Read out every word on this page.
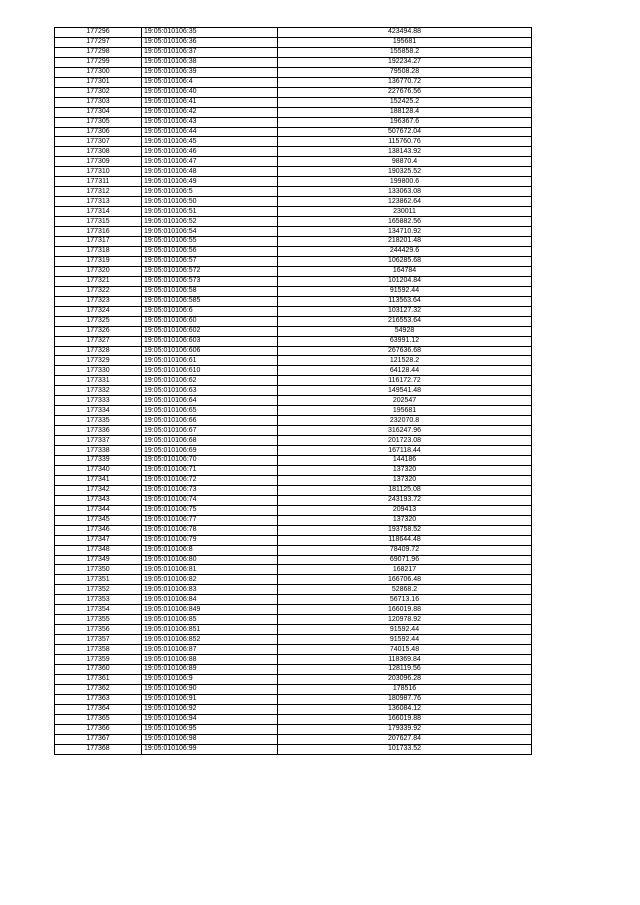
177296	19:05:010106:35	423494.88
177297	19:05:010106:36	195681
177298	19:05:010106:37	155858.2
177299	19:05:010106:38	192234.27
177300	19:05:010106:39	79508.28
177301	19:05:010106:4	136770.72
177302	19:05:010106:40	227676.56
177303	19:05:010106:41	152425.2
177304	19:05:010106:42	188128.4
177305	19:05:010106:43	196367.6
177306	19:05:010106:44	507672.04
177307	19:05:010106:45	115760.76
177308	19:05:010106:46	138143.92
177309	19:05:010106:47	98870.4
177310	19:05:010106:48	190325.52
177311	19:05:010106:49	199800.6
177312	19:05:010106:5	133063.08
177313	19:05:010106:50	123862.64
177314	19:05:010106:51	230011
177315	19:05:010106:52	165882.56
177316	19:05:010106:54	134710.92
177317	19:05:010106:55	218201.48
177318	19:05:010106:56	244429.6
177319	19:05:010106:57	106285.68
177320	19:05:010106:572	164784
177321	19:05:010106:573	101204.84
177322	19:05:010106:58	91592.44
177323	19:05:010106:585	113563.64
177324	19:05:010106:6	103127.32
177325	19:05:010106:60	216553.64
177326	19:05:010106:602	54928
177327	19:05:010106:603	63991.12
177328	19:05:010106:606	267636.68
177329	19:05:010106:61	121528.2
177330	19:05:010106:610	64128.44
177331	19:05:010106:62	116172.72
177332	19:05:010106:63	149541.48
177333	19:05:010106:64	202547
177334	19:05:010106:65	195681
177335	19:05:010106:66	232070.8
177336	19:05:010106:67	316247.96
177337	19:05:010106:68	201723.08
177338	19:05:010106:69	167118.44
177339	19:05:010106:70	144186
177340	19:05:010106:71	137320
177341	19:05:010106:72	137320
177342	19:05:010106:73	181125.08
177343	19:05:010106:74	243193.72
177344	19:05:010106:75	209413
177345	19:05:010106:77	137320
177346	19:05:010106:78	193758.52
177347	19:05:010106:79	118644.48
177348	19:05:010106:8	78409.72
177349	19:05:010106:80	69071.96
177350	19:05:010106:81	168217
177351	19:05:010106:82	166706.48
177352	19:05:010106:83	52868.2
177353	19:05:010106:84	56713.16
177354	19:05:010106:849	166019.88
177355	19:05:010106:85	120978.92
177356	19:05:010106:851	91592.44
177357	19:05:010106:852	91592.44
177358	19:05:010106:87	74015.48
177359	19:05:010106:88	118369.84
177360	19:05:010106:89	128119.56
177361	19:05:010106:9	203096.28
177362	19:05:010106:90	178516
177363	19:05:010106:91	180987.76
177364	19:05:010106:92	136084.12
177365	19:05:010106:94	166019.88
177366	19:05:010106:95	179339.92
177367	19:05:010106:98	207627.84
177368	19:05:010106:99	101733.52
